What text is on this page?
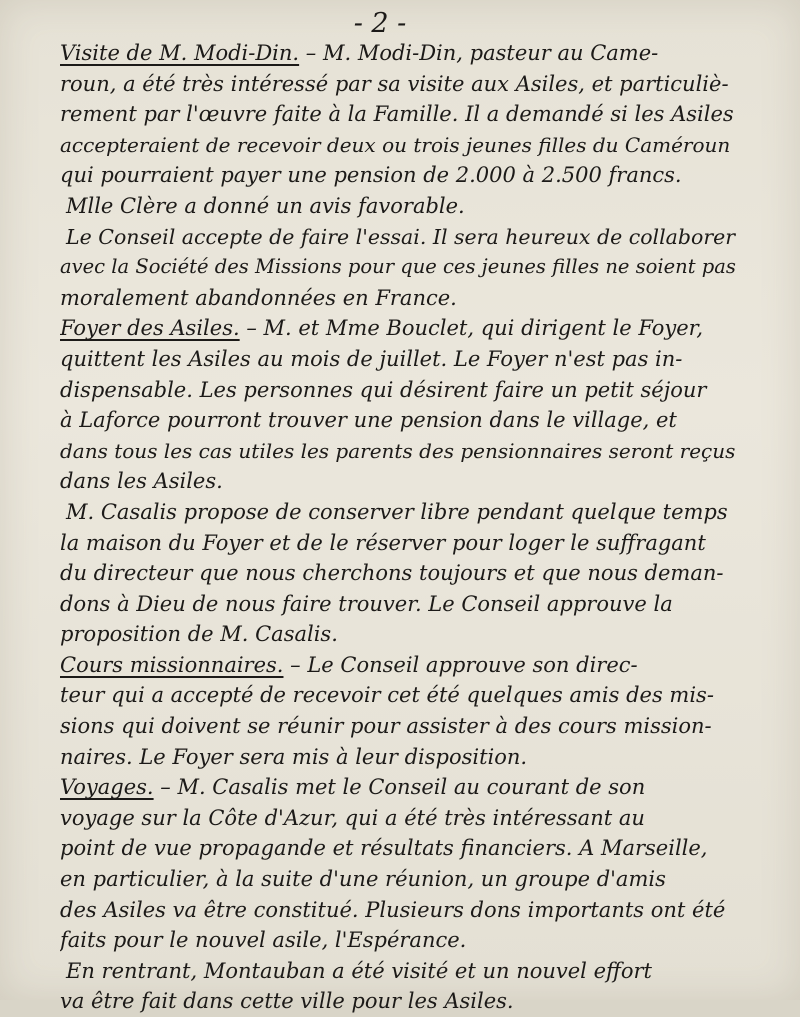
- 2 -
Visite de M. Modi-Din. – M. Modi-Din, pasteur au Came-
roun, a été très intéressé par sa visite aux Asiles, et particuliè-
rement par l'œuvre faite à la Famille. Il a demandé si les Asiles
accepteraient de recevoir deux ou trois jeunes filles du Caméroun
qui pourraient payer une pension de 2.000 à 2.500 francs.
Mlle Clère a donné un avis favorable.
Le Conseil accepte de faire l'essai. Il sera heureux de collaborer
avec la Société des Missions pour que ces jeunes filles ne soient pas
moralement abandonnées en France.
Foyer des Asiles. – M. et Mme Bouclet, qui dirigent le Foyer,
quittent les Asiles au mois de juillet. Le Foyer n'est pas in-
dispensable. Les personnes qui désirent faire un petit séjour
à Laforce pourront trouver une pension dans le village, et
dans tous les cas utiles les parents des pensionnaires seront reçus
dans les Asiles.
M. Casalis propose de conserver libre pendant quelque temps
la maison du Foyer et de le réserver pour loger le suffragant
du directeur que nous cherchons toujours et que nous deman-
dons à Dieu de nous faire trouver. Le Conseil approuve la
proposition de M. Casalis.
Cours missionnaires. – Le Conseil approuve son direc-
teur qui a accepté de recevoir cet été quelques amis des mis-
sions qui doivent se réunir pour assister à des cours mission-
naires. Le Foyer sera mis à leur disposition.
Voyages. – M. Casalis met le Conseil au courant de son
voyage sur la Côte d'Azur, qui a été très intéressant au
point de vue propagande et résultats financiers. A Marseille,
en particulier, à la suite d'une réunion, un groupe d'amis
des Asiles va être constitué. Plusieurs dons importants ont été
faits pour le nouvel asile, l'Espérance.
En rentrant, Montauban a été visité et un nouvel effort
va être fait dans cette ville pour les Asiles.
